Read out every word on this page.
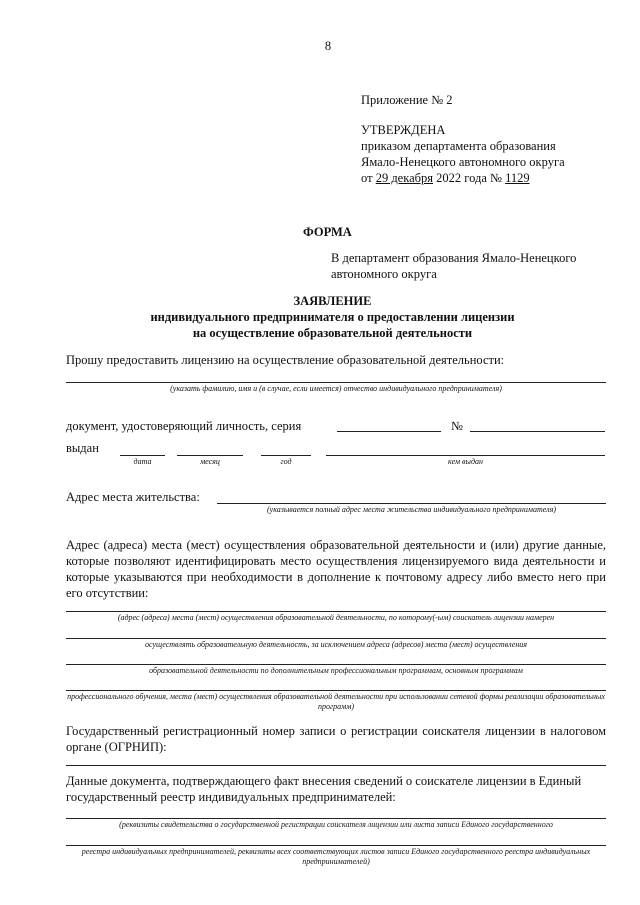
8
Приложение № 2
УТВЕРЖДЕНА
приказом департамента образования
Ямало-Ненецкого автономного округа
от 29 декабря 2022 года № 1129
ФОРМА
В департамент образования Ямало-Ненецкого автономного округа
ЗАЯВЛЕНИЕ
индивидуального предпринимателя о предоставлении лицензии
на осуществление образовательной деятельности
Прошу предоставить лицензию на осуществление образовательной деятельности:
(указать фамилию, имя и (в случае, если имеется) отчество индивидуального предпринимателя)
документ, удостоверяющий личность, серия	№
выдан
дата	месяц	год	кем выдан
Адрес места жительства:
(указывается полный адрес места жительства индивидуального предпринимателя)
Адрес (адреса) места (мест) осуществления образовательной деятельности и (или) другие данные, которые позволяют идентифицировать место осуществления лицензируемого вида деятельности и которые указываются при необходимости в дополнение к почтовому адресу либо вместо него при его отсутствии:
(адрес (адреса) места (мест) осуществления образовательной деятельности, по которому(-ым) соискатель лицензии намерен
осуществлять образовательную деятельность, за исключением адреса (адресов) места (мест) осуществления
образовательной деятельности по дополнительным профессиональным программам, основным программам
профессионального обучения, места (мест) осуществления образовательной деятельности при использовании сетевой формы реализации образовательных программ)
Государственный регистрационный номер записи о регистрации соискателя лицензии в налоговом органе (ОГРНИП):
Данные документа, подтверждающего факт внесения сведений о соискателе лицензии в Единый государственный реестр индивидуальных предпринимателей:
(реквизиты свидетельства о государственной регистрации соискателя лицензии или листа записи Единого государственного
реестра индивидуальных предпринимателей, реквизиты всех соответствующих листов записи Единого государственного реестра индивидуальных предпринимателей)
